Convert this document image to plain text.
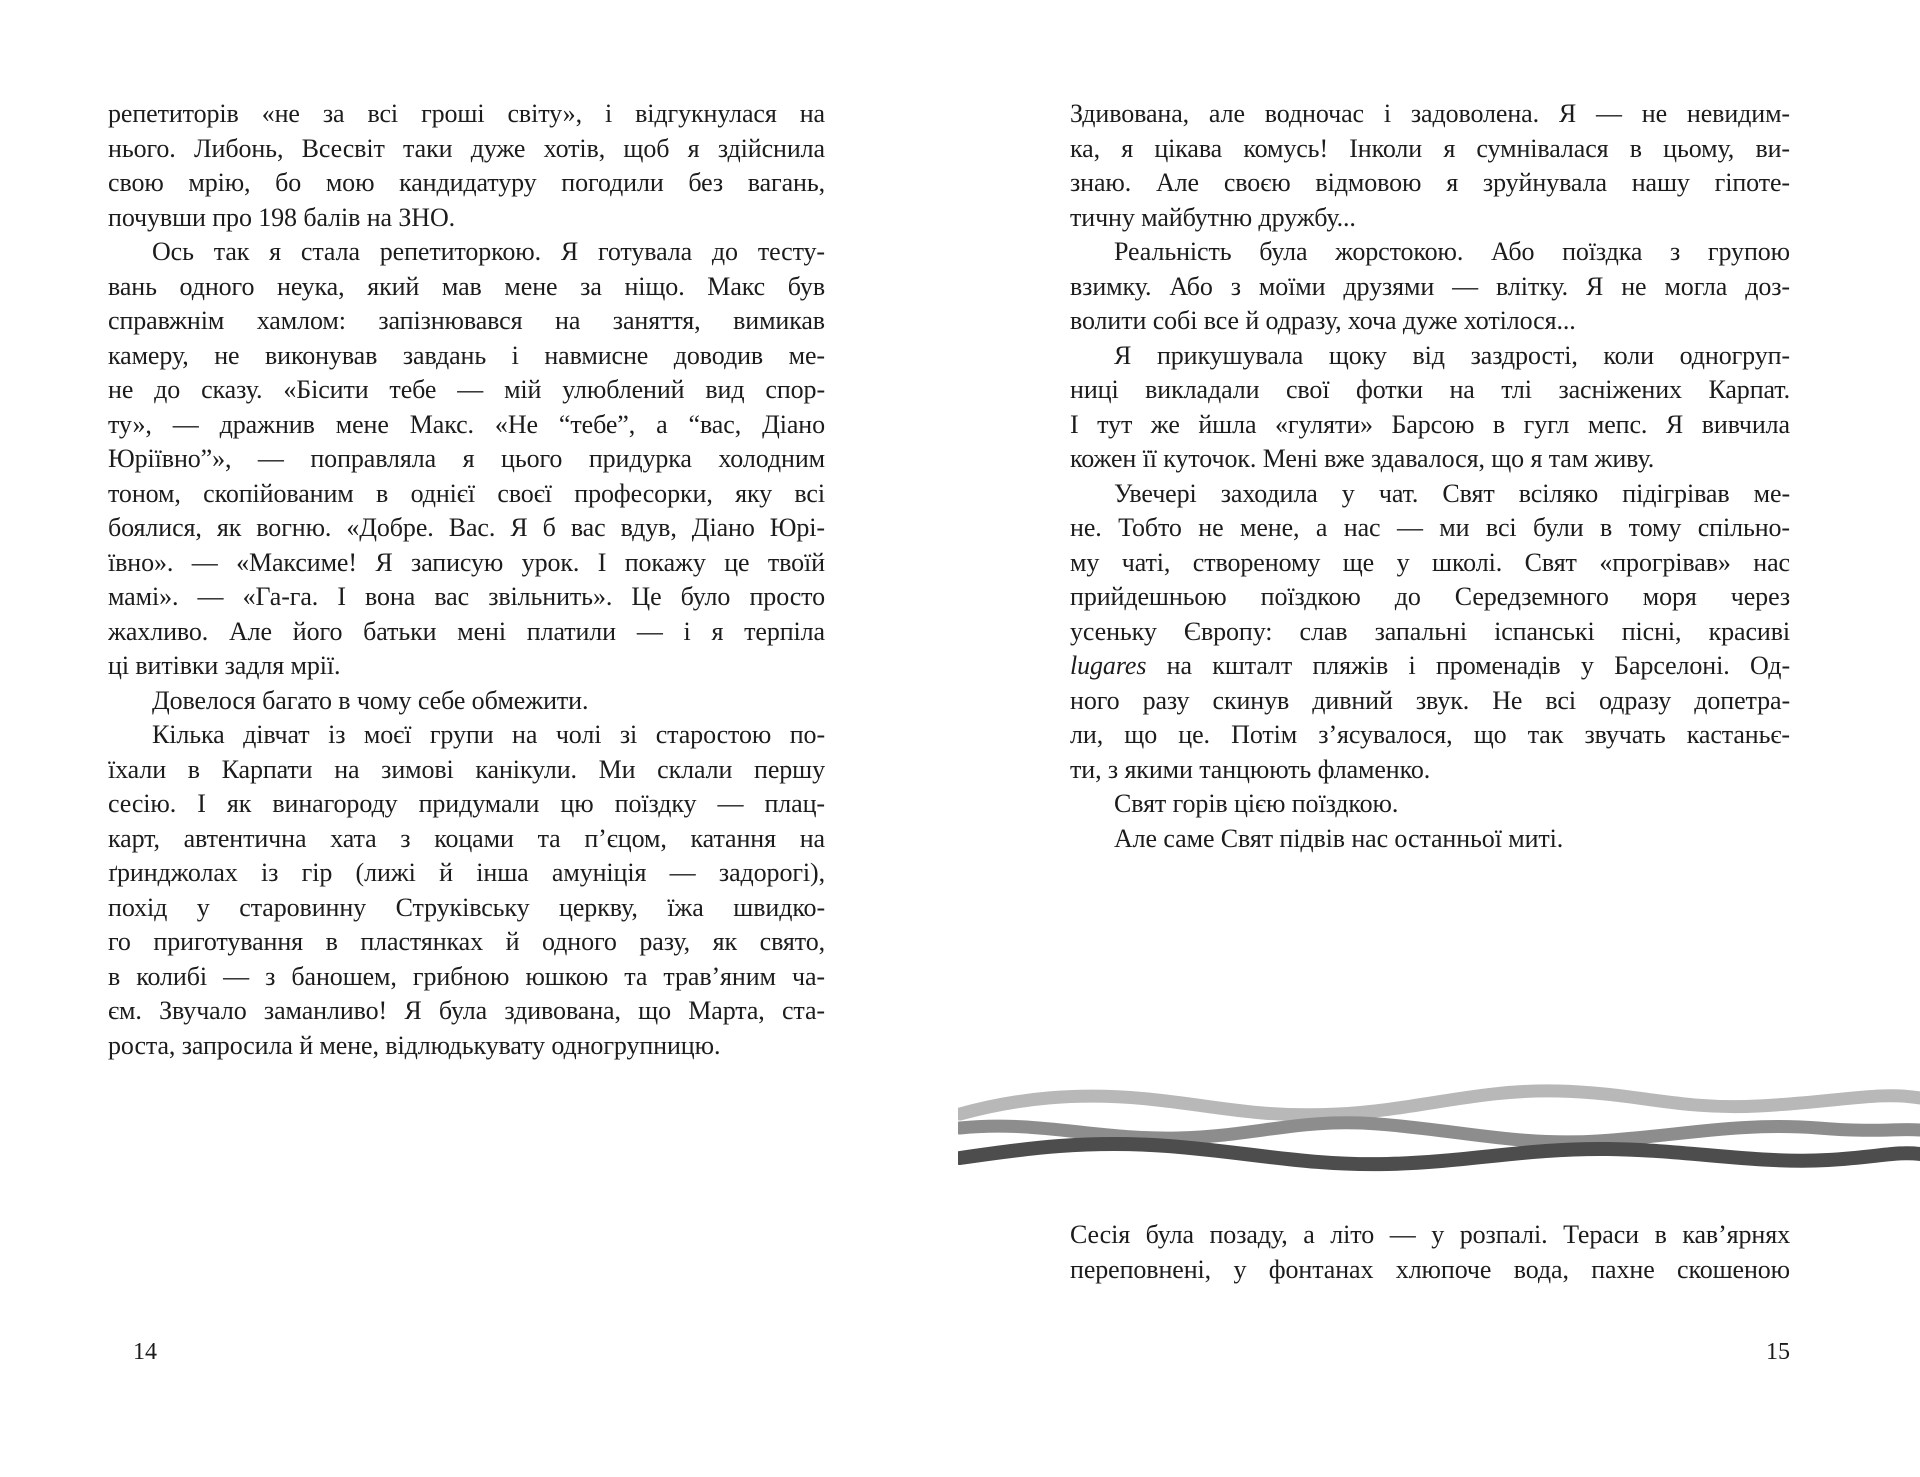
репетиторів «не за всі гроші світу», і відгукнулася на
нього. Либонь, Всесвіт таки дуже хотів, щоб я здійснила
свою мрію, бо мою кандидатуру погодили без вагань,
почувши про 198 балів на ЗНО.
Ось так я стала репетиторкою. Я готувала до тесту-
вань одного неука, який мав мене за ніщо. Макс був
справжнім хамлом: запізнювався на заняття, вимикав
камеру, не виконував завдань і навмисне доводив ме-
не до сказу. «Бісити тебе — мій улюблений вид спор-
ту», — дражнив мене Макс. «Не “тебе”, а “вас, Діано
Юріївно”», — поправляла я цього придурка холодним
тоном, скопійованим в однієї своєї професорки, яку всі
боялися, як вогню. «Добре. Вас. Я б вас вдув, Діано Юрі-
ївно». — «Максиме! Я записую урок. І покажу це твоїй
мамі». — «Га-га. І вона вас звільнить». Це було просто
жахливо. Але його батьки мені платили — і я терпіла
ці витівки задля мрії.
Довелося багато в чому себе обмежити.
Кілька дівчат із моєї групи на чолі зі старостою по-
їхали в Карпати на зимові канікули. Ми склали першу
сесію. І як винагороду придумали цю поїздку — плац-
карт, автентична хата з коцами та п’єцом, катання на
ґринджолах із гір (лижі й інша амуніція — задорогі),
похід у старовинну Струківську церкву, їжа швидко-
го приготування в пластянках й одного разу, як свято,
в колибі — з баношем, грибною юшкою та трав’яним ча-
єм. Звучало заманливо! Я була здивована, що Марта, ста-
роста, запросила й мене, відлюдькувату одногрупницю.
14
Здивована, але водночас і задоволена. Я — не невидим-
ка, я цікава комусь! Інколи я сумнівалася в цьому, ви-
знаю. Але своєю відмовою я зруйнувала нашу гіпоте-
тичну майбутню дружбу...
Реальність була жорстокою. Або поїздка з групою
взимку. Або з моїми друзями — влітку. Я не могла доз-
волити собі все й одразу, хоча дуже хотілося...
Я прикушувала щоку від заздрості, коли одногруп-
ниці викладали свої фотки на тлі засніжених Карпат.
І тут же йшла «гуляти» Барсою в гугл мепс. Я вивчила
кожен її куточок. Мені вже здавалося, що я там живу.
Увечері заходила у чат. Свят всіляко підігрівав ме-
не. Тобто не мене, а нас — ми всі були в тому спільно-
му чаті, створеному ще у школі. Свят «прогрівав» нас
прийдешньою поїздкою до Середземного моря через
усеньку Європу: слав запальні іспанські пісні, красиві
lugares на кшталт пляжів і променадів у Барселоні. Од-
ного разу скинув дивний звук. Не всі одразу допетра-
ли, що це. Потім з’ясувалося, що так звучать кастаньє-
ти, з якими танцюють фламенко.
Свят горів цією поїздкою.
Але саме Свят підвів нас останньої миті.
Сесія була позаду, а літо — у розпалі. Тераси в кав’ярнях
переповнені, у фонтанах хлюпоче вода, пахне скошеною
15
